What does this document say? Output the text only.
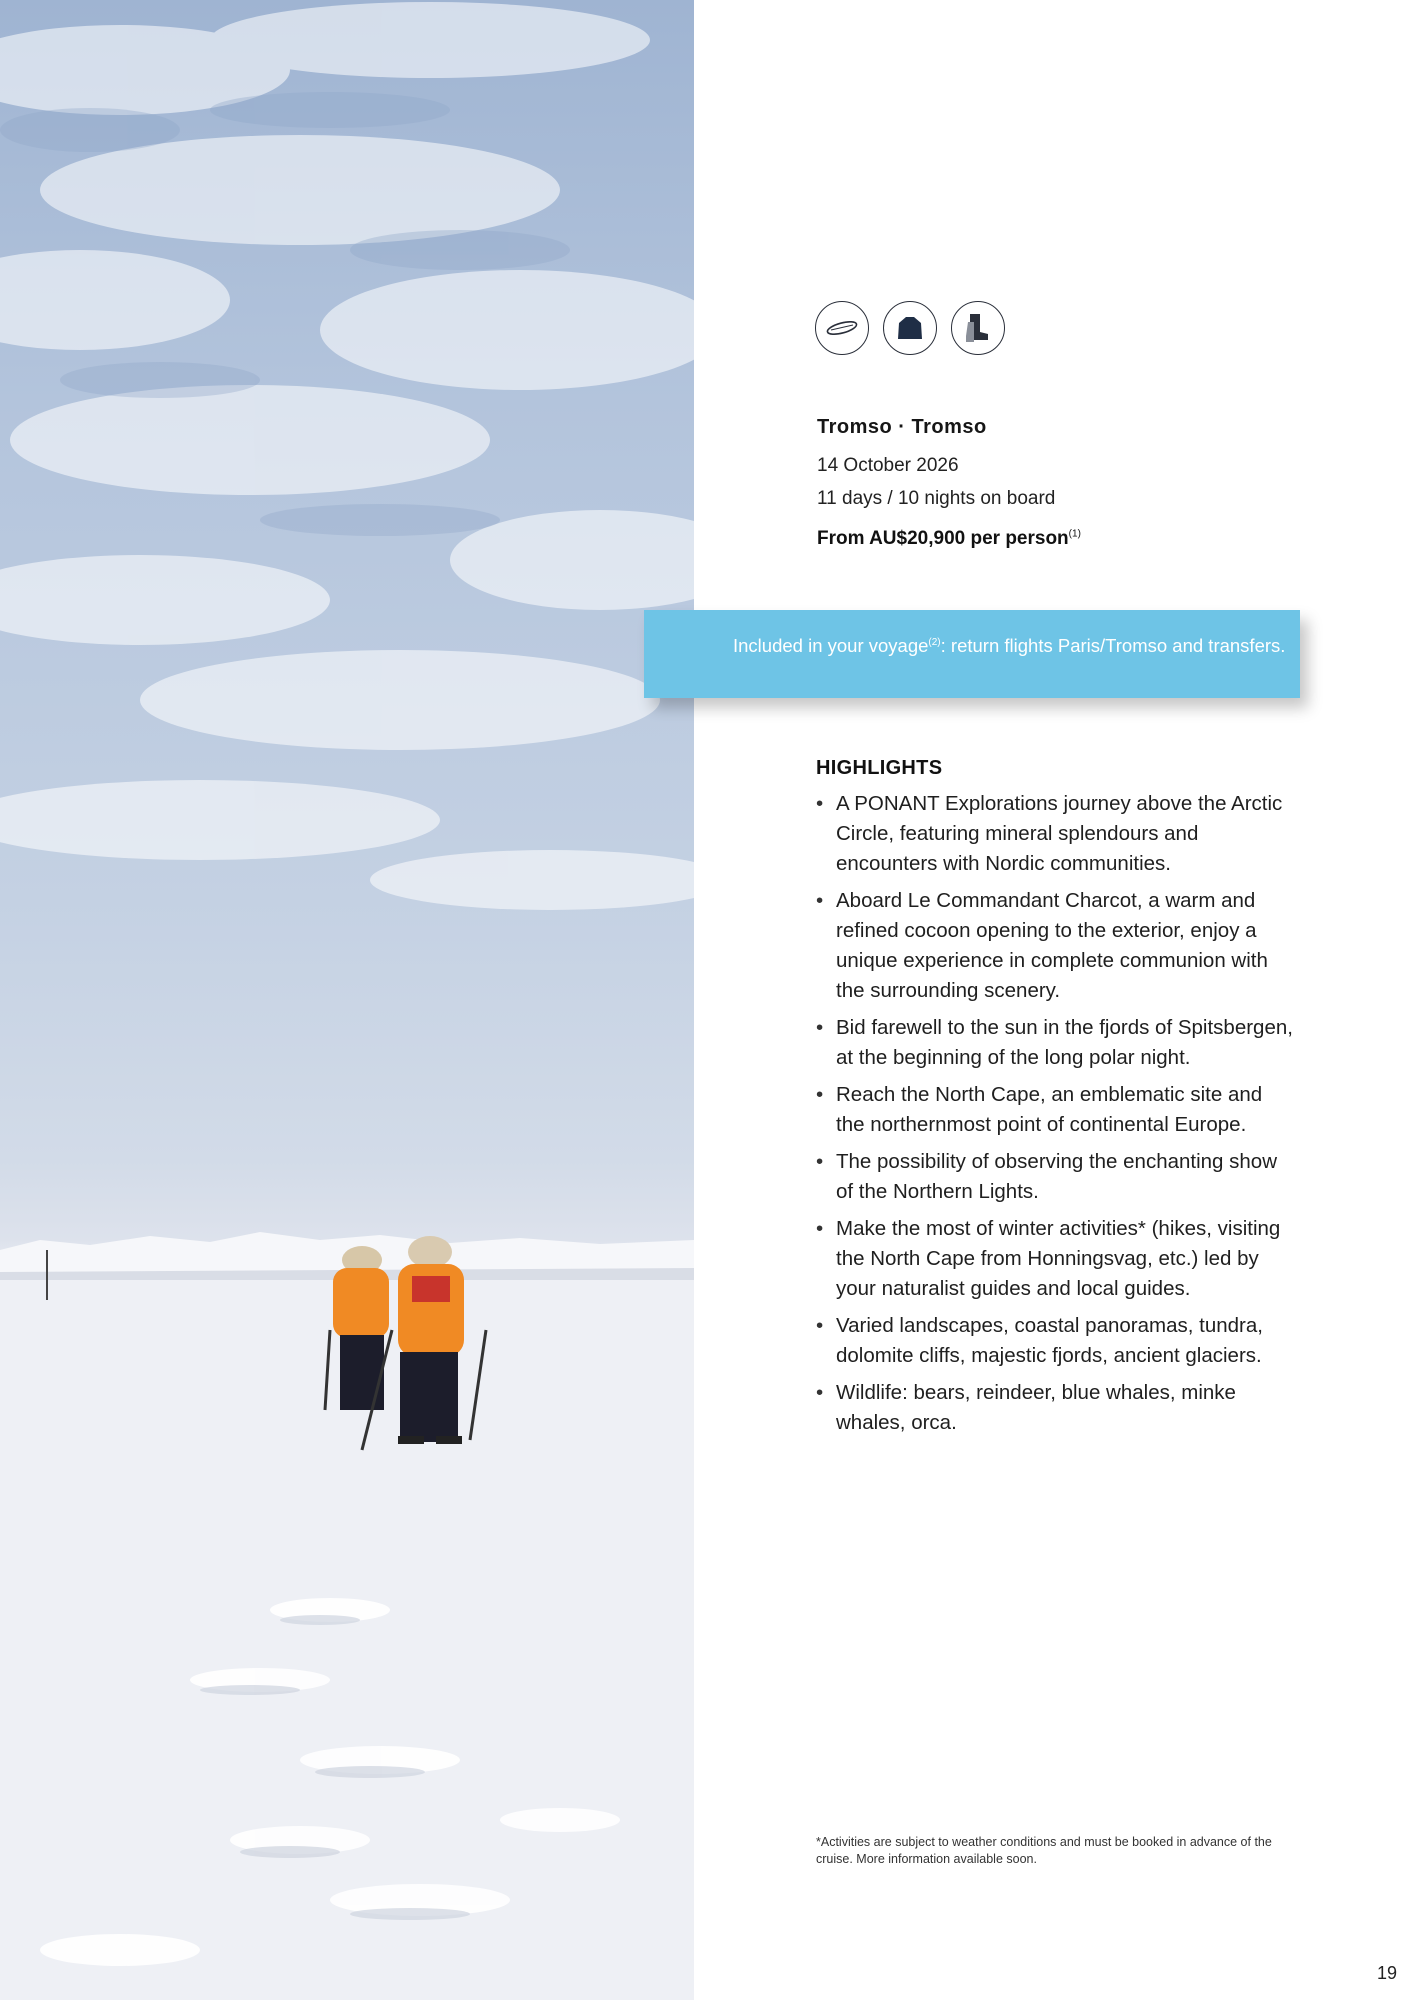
Tromso · Tromso
14 October 2026
11 days / 10 nights on board
From AU$20,900 per person$^{(1)}$
Included in your voyage$^{(2)}$: return flights Paris/Tromso and transfers.
HIGHLIGHTS
• A PONANT Explorations journey above the Arctic Circle, featuring mineral splendours and encounters with Nordic communities.
• Aboard Le Commandant Charcot, a warm and refined cocoon opening to the exterior, enjoy a unique experience in complete communion with the surrounding scenery.
• Bid farewell to the sun in the fjords of Spitsbergen, at the beginning of the long polar night.
• Reach the North Cape, an emblematic site and the northernmost point of continental Europe.
• The possibility of observing the enchanting show of the Northern Lights.
• Make the most of winter activities* (hikes, visiting the North Cape from Honningsvag, etc.) led by your naturalist guides and local guides.
• Varied landscapes, coastal panoramas, tundra, dolomite cliffs, majestic fjords, ancient glaciers.
• Wildlife: bears, reindeer, blue whales, minke whales, orca.
*Activities are subject to weather conditions and must be booked in advance of the cruise. More information available soon.
19
